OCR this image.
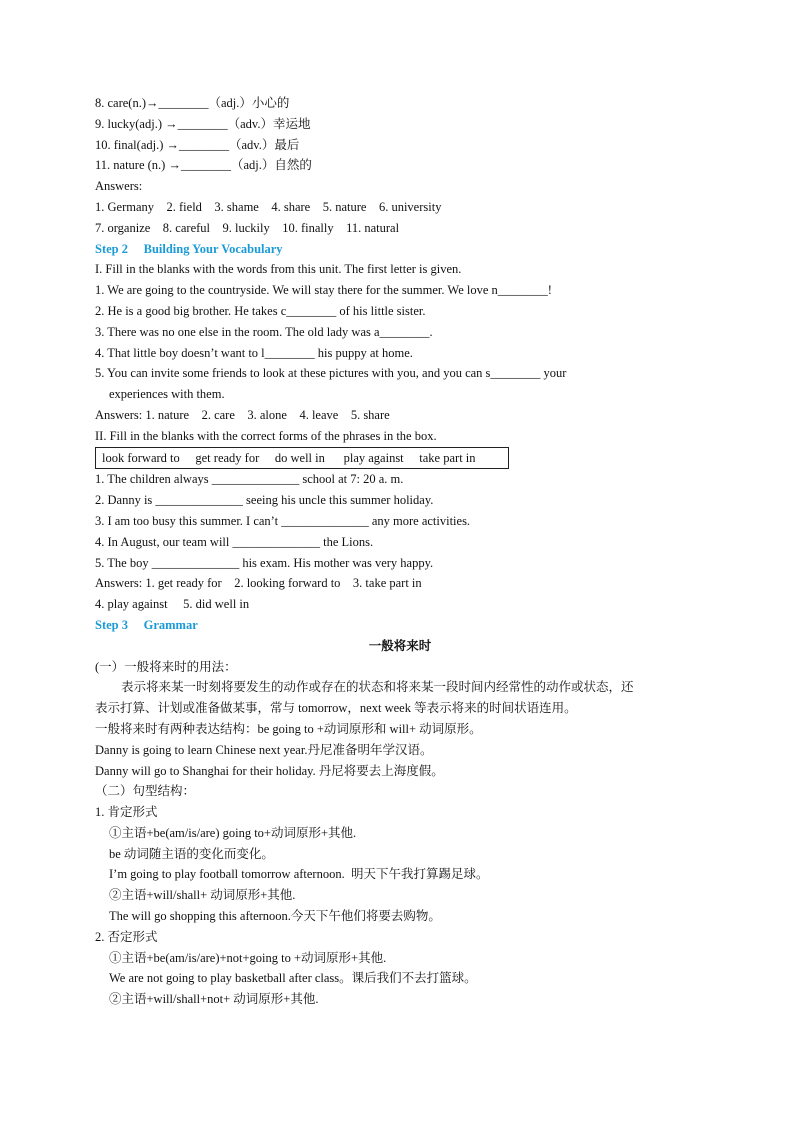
8. care(n.)→________（adj.）小心的
9. lucky(adj.) →________（adv.）幸运地
10. final(adj.) →________（adv.）最后
11. nature (n.) →________（adj.）自然的
Answers:
1. Germany    2. field    3. shame    4. share    5. nature    6. university
7. organize    8. careful    9. luckily    10. finally    11. natural
Step 2     Building Your Vocabulary
I. Fill in the blanks with the words from this unit. The first letter is given.
1. We are going to the countryside. We will stay there for the summer. We love n________!
2. He is a good big brother. He takes c________ of his little sister.
3. There was no one else in the room. The old lady was a________.
4. That little boy doesn’t want to l________ his puppy at home.
5. You can invite some friends to look at these pictures with you, and you can s________ your
experiences with them.
Answers: 1. nature    2. care    3. alone    4. leave    5. share
II. Fill in the blanks with the correct forms of the phrases in the box.
look forward to     get ready for     do well in      play against     take part in
1. The children always ______________ school at 7: 20 a. m.
2. Danny is ______________ seeing his uncle this summer holiday.
3. I am too busy this summer. I can’t ______________ any more activities.
4. In August, our team will ______________ the Lions.
5. The boy ______________ his exam. His mother was very happy.
Answers: 1. get ready for    2. looking forward to    3. take part in
4. play against     5. did well in
Step 3     Grammar
一般将来时
(一）一般将来时的用法：
表示将来某一时刻将要发生的动作或存在的状态和将来某一段时间内经常性的动作或状态，还
表示打算、计划或准备做某事，常与 tomorrow，next week 等表示将来的时间状语连用。
一般将来时有两种表达结构：be going to +动词原形和 will+ 动词原形。
Danny is going to learn Chinese next year.丹尼准备明年学汉语。
Danny will go to Shanghai for their holiday. 丹尼将要去上海度假。
（二）句型结构：
1. 肯定形式
①主语+be(am/is/are) going to+动词原形+其他.
be 动词随主语的变化而变化。
I’m going to play football tomorrow afternoon.  明天下午我打算踢足球。
②主语+will/shall+ 动词原形+其他.
The will go shopping this afternoon.今天下午他们将要去购物。
2. 否定形式
①主语+be(am/is/are)+not+going to +动词原形+其他.
We are not going to play basketball after class。课后我们不去打篮球。
②主语+will/shall+not+ 动词原形+其他.
